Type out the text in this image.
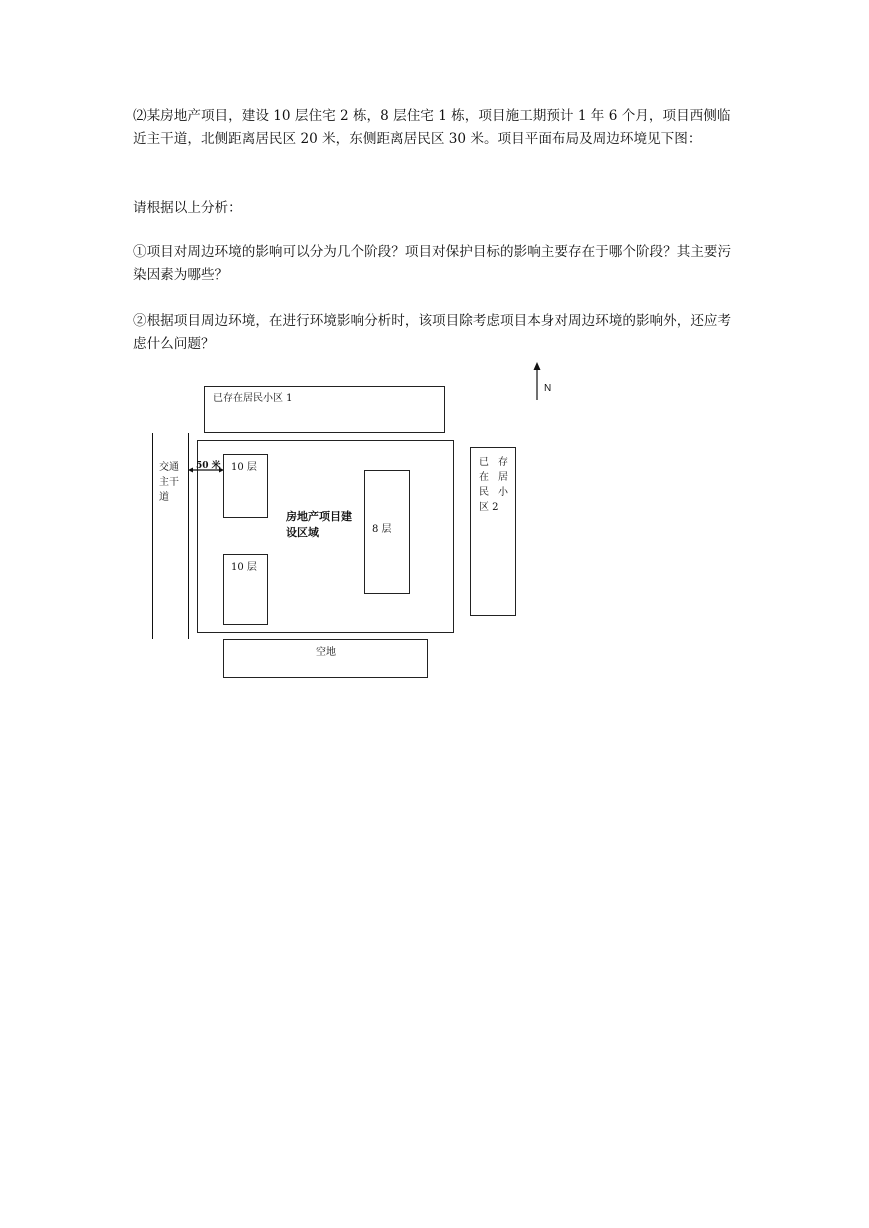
⑵某房地产项目，建设 10 层住宅 2 栋，8 层住宅 1 栋，项目施工期预计 1 年 6 个月，项目西侧临近主干道，北侧距离居民区 20 米，东侧距离居民区 30 米。项目平面布局及周边环境见下图：
请根据以上分析：
①项目对周边环境的影响可以分为几个阶段？项目对保护目标的影响主要存在于哪个阶段？其主要污染因素为哪些？
②根据项目周边环境，在进行环境影响分析时，该项目除考虑项目本身对周边环境的影响外，还应考虑什么问题？
N
已存在居民小区 1
交通
主干
道
50 米 10 层
10 层
房地产项目建
设区域	8 层
已
在
民
区 2
存
居
小
空地
